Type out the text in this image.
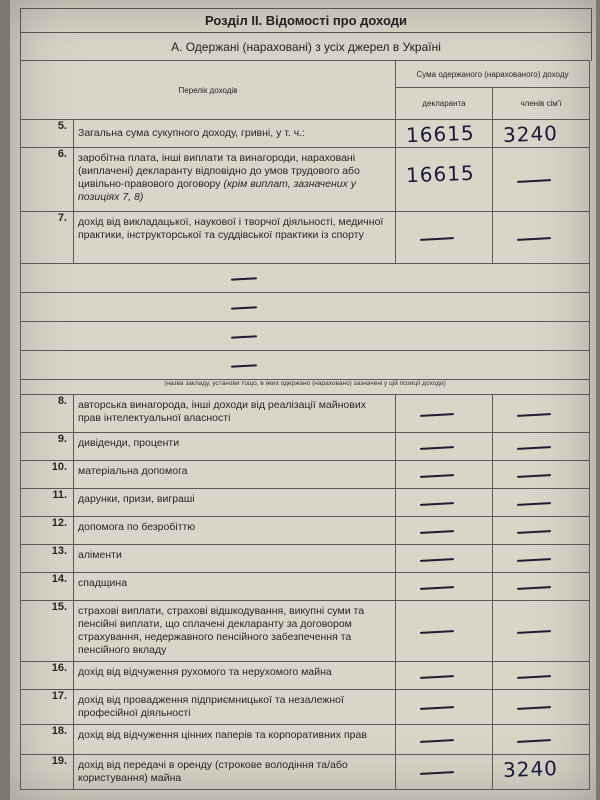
Розділ ІІ. Відомості про доходи
А. Одержані (нараховані) з усіх джерел в Україні
Перелік доходів		Сума одержаного (нарахованого) доходу	
		декларанта	членів сім'ї
5.	Загальна сума сукупного доходу, гривні, у т. ч.:	16615	3240

6.	заробітна плата, інші виплати та винагороди, нараховані (виплачені) декларанту відповідно до умов трудового або цивільно-правового договору (крім виплат, зазначених у позиціях 7, 8)	16615	

7.	дохід від викладацької, наукової і творчої діяльності, медичної практики, інструкторської та суддівської практики із спорту	

(назва закладу, установи тощо, в яких одержано (нараховано) зазначені у цій позиції доходи)			
8.	авторська винагорода, інші доходи від реалізації майнових прав інтелектуальної власності	

9.	дивіденди, проценти	

10.	матеріальна допомога	

11.	дарунки, призи, виграші	

12.	допомога по безробіттю	

13.	аліменти	

14.	спадщина	

15.	страхові виплати, страхові відшкодування, викупні суми та пенсійні виплати, що сплачені декларанту за договором страхування, недержавного пенсійного забезпечення та пенсійного вкладу	

16.	дохід від відчуження рухомого та нерухомого майна	

17.	дохід від провадження підприємницької та незалежної професійної діяльності	

18.	дохід від відчуження цінних паперів та корпоративних прав	

19.	дохід від передачі в оренду (строкове володіння та/або користування) майна		3240
